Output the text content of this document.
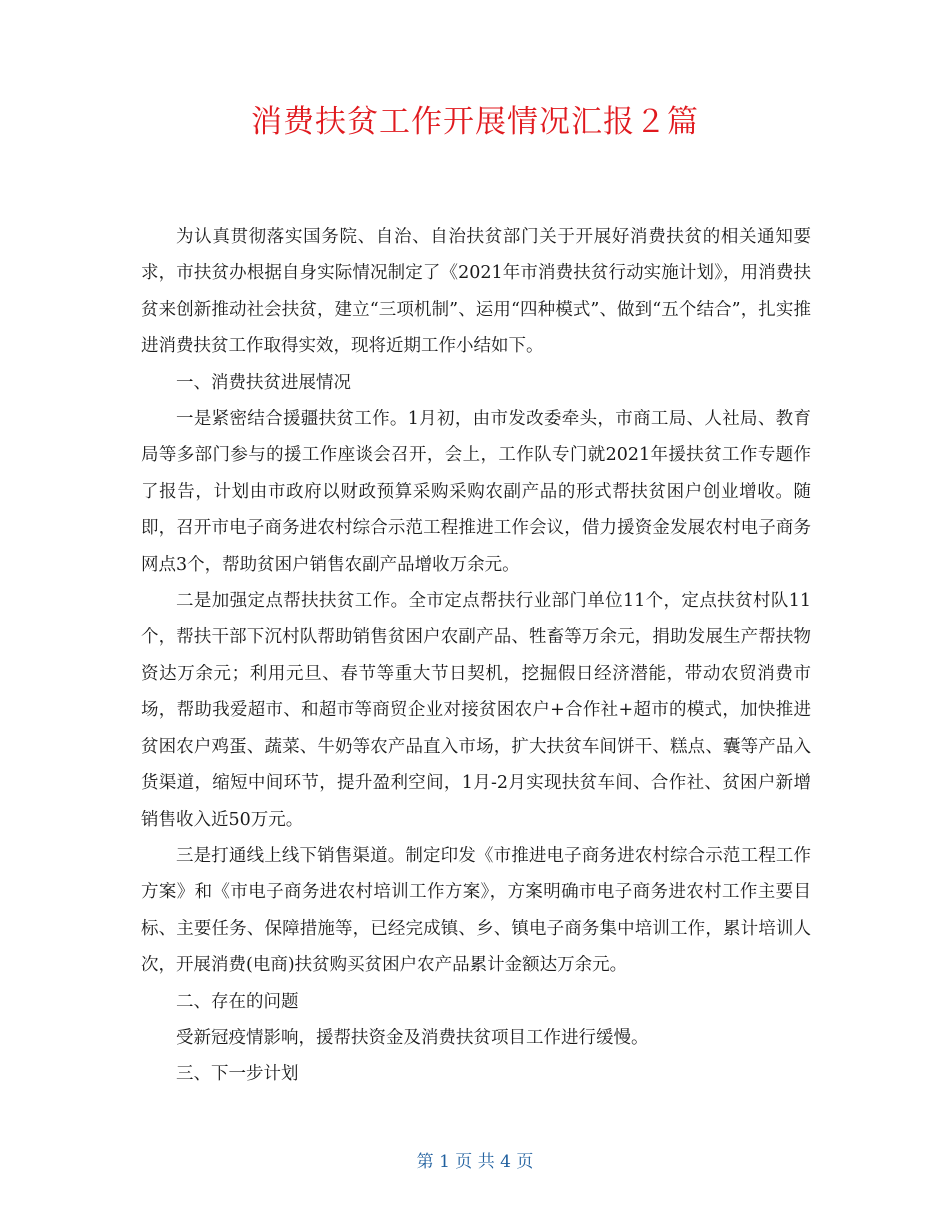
消费扶贫工作开展情况汇报２篇

为认真贯彻落实国务院、自治、自治扶贫部门关于开展好消费扶贫的相关通知要求，市扶贫办根据自身实际情况制定了《2021年市消费扶贫行动实施计划》，用消费扶贫来创新推动社会扶贫，建立“三项机制”、运用“四种模式”、做到“五个结合”，扎实推进消费扶贫工作取得实效，现将近期工作小结如下。

一、消费扶贫进展情况

一是紧密结合援疆扶贫工作。1月初，由市发改委牵头，市商工局、人社局、教育局等多部门参与的援工作座谈会召开，会上，工作队专门就2021年援扶贫工作专题作了报告，计划由市政府以财政预算采购采购农副产品的形式帮扶贫困户创业增收。随即，召开市电子商务进农村综合示范工程推进工作会议，借力援资金发展农村电子商务网点3个，帮助贫困户销售农副产品增收万余元。

二是加强定点帮扶扶贫工作。全市定点帮扶行业部门单位11个，定点扶贫村队11个，帮扶干部下沉村队帮助销售贫困户农副产品、牲畜等万余元，捐助发展生产帮扶物资达万余元；利用元旦、春节等重大节日契机，挖掘假日经济潜能，带动农贸消费市场，帮助我爱超市、和超市等商贸企业对接贫困农户+合作社+超市的模式，加快推进贫困农户鸡蛋、蔬菜、牛奶等农产品直入市场，扩大扶贫车间饼干、糕点、囊等产品入货渠道，缩短中间环节，提升盈利空间，1月-2月实现扶贫车间、合作社、贫困户新增销售收入近50万元。

三是打通线上线下销售渠道。制定印发《市推进电子商务进农村综合示范工程工作方案》和《市电子商务进农村培训工作方案》，方案明确市电子商务进农村工作主要目标、主要任务、保障措施等，已经完成镇、乡、镇电子商务集中培训工作，累计培训人次，开展消费(电商)扶贫购买贫困户农产品累计金额达万余元。

二、存在的问题

受新冠疫情影响，援帮扶资金及消费扶贫项目工作进行缓慢。

三、下一步计划

第 1 页 共 4 页
